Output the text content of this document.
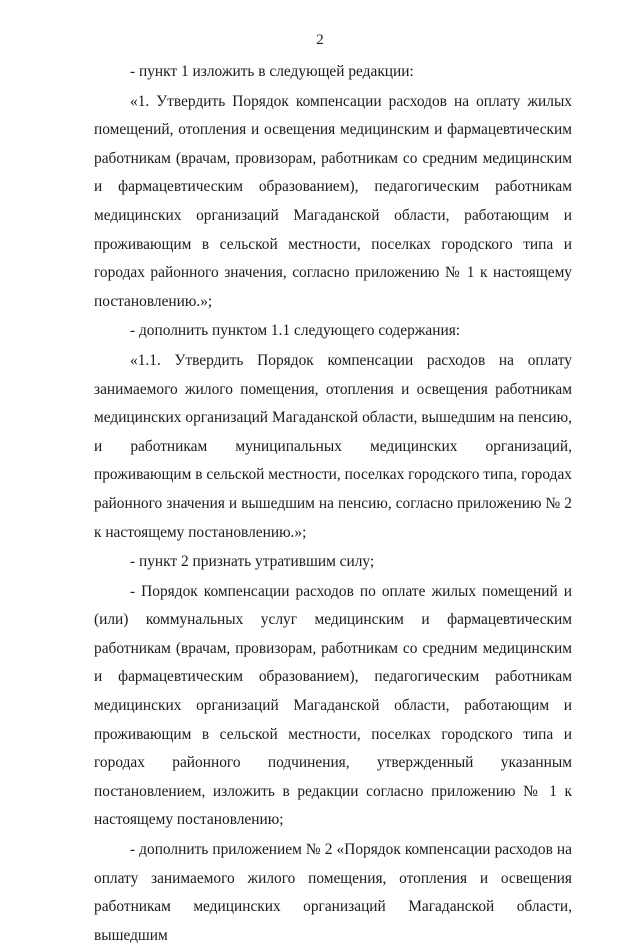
2

- пункт 1 изложить в следующей редакции:

«1. Утвердить Порядок компенсации расходов на оплату жилых помещений, отопления и освещения медицинским и фармацевтическим работникам (врачам, провизорам, работникам со средним медицинским и фармацевтическим образованием), педагогическим работникам медицинских организаций Магаданской области, работающим и проживающим в сельской местности, поселках городского типа и городах районного значения, согласно приложению № 1 к настоящему постановлению.»;

- дополнить пунктом 1.1 следующего содержания:

«1.1. Утвердить Порядок компенсации расходов на оплату занимаемого жилого помещения, отопления и освещения работникам медицинских организаций Магаданской области, вышедшим на пенсию, и работникам муниципальных медицинских организаций, проживающим в сельской местности, поселках городского типа, городах районного значения и вышедшим на пенсию, согласно приложению № 2 к настоящему постановлению.»;

- пункт 2 признать утратившим силу;

- Порядок компенсации расходов по оплате жилых помещений и (или) коммунальных услуг медицинским и фармацевтическим работникам (врачам, провизорам, работникам со средним медицинским и фармацевтическим образованием), педагогическим работникам медицинских организаций Магаданской области, работающим и проживающим в сельской местности, поселках городского типа и городах районного подчинения, утвержденный указанным постановлением, изложить в редакции согласно приложению № 1 к настоящему постановлению;

- дополнить приложением № 2 «Порядок компенсации расходов на оплату занимаемого жилого помещения, отопления и освещения работникам медицинских организаций Магаданской области, вышедшим
